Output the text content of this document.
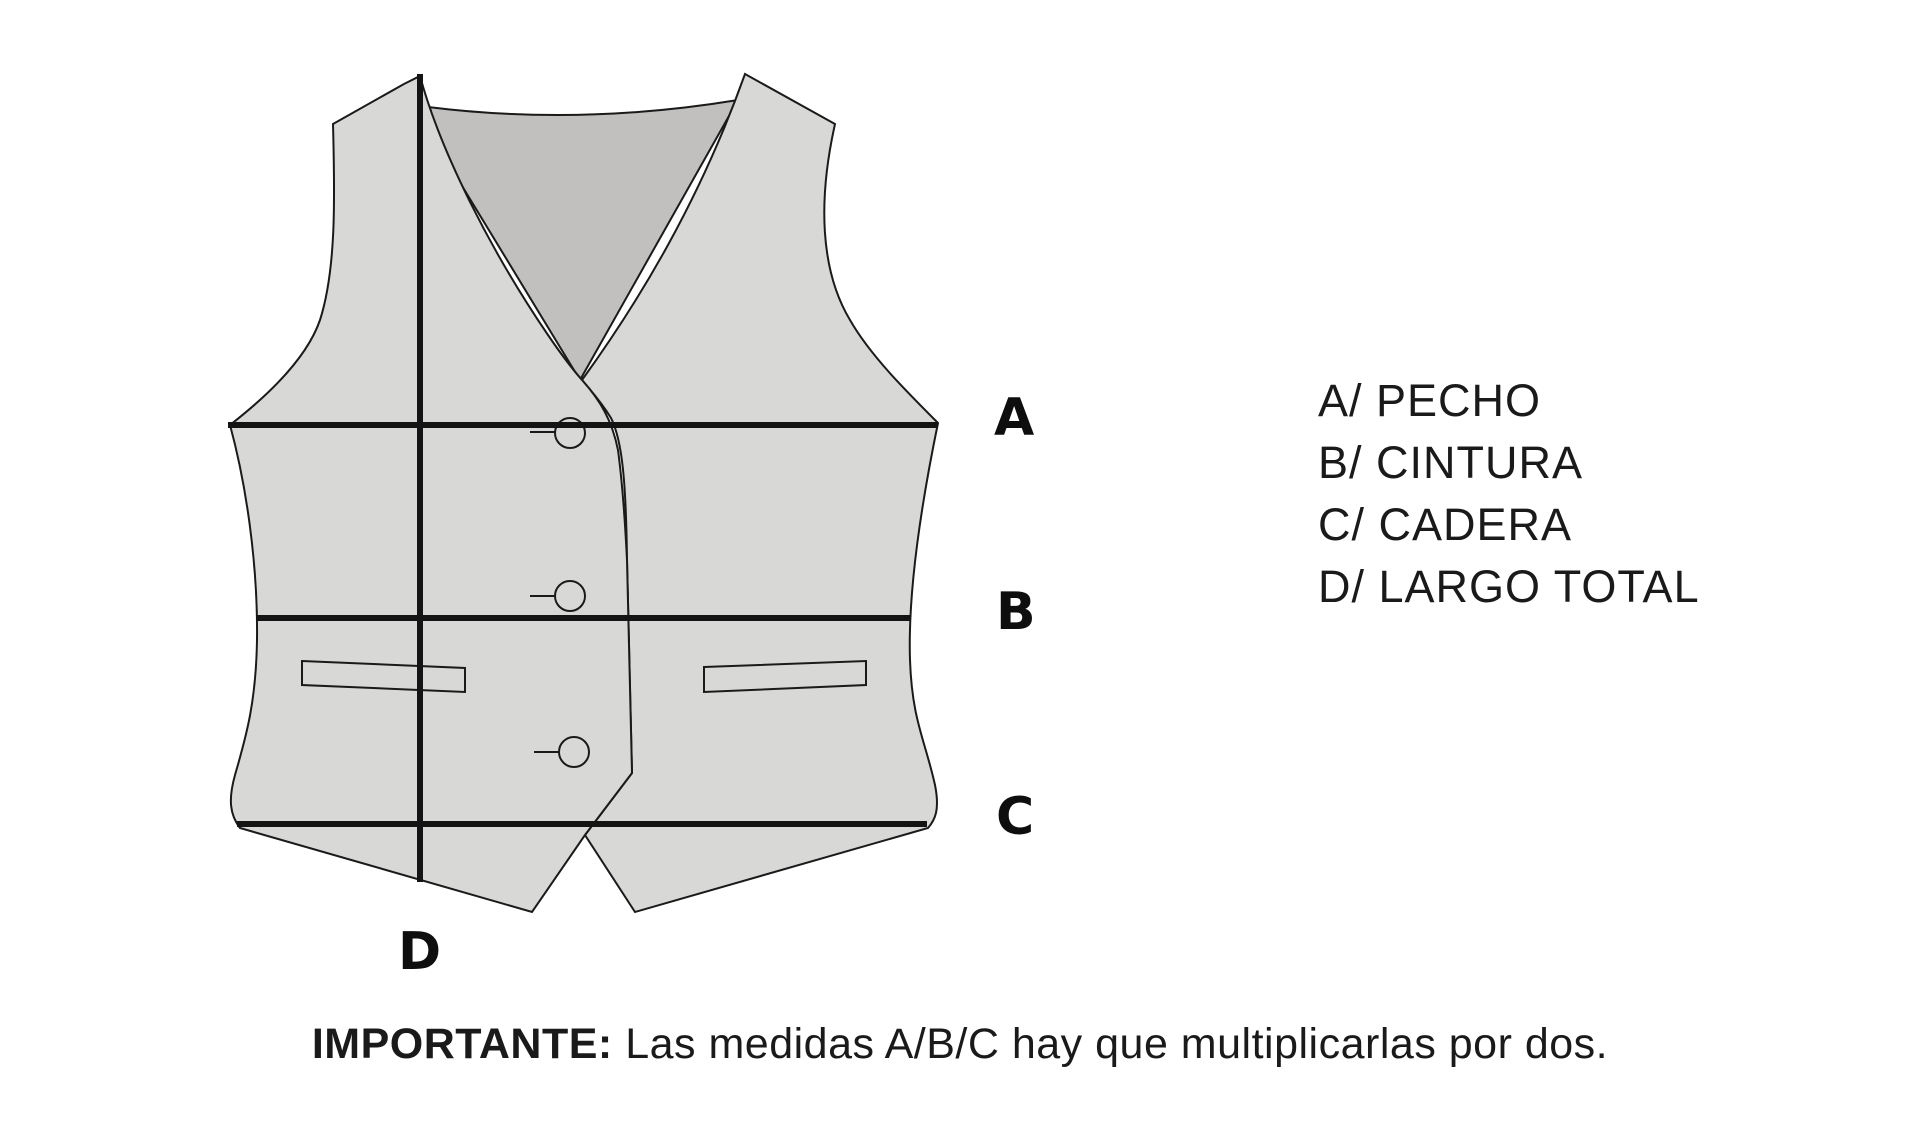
A
B
C
D
A/ PECHO
B/ CINTURA
C/ CADERA
D/ LARGO TOTAL
IMPORTANTE: Las medidas A/B/C hay que multiplicarlas por dos.
